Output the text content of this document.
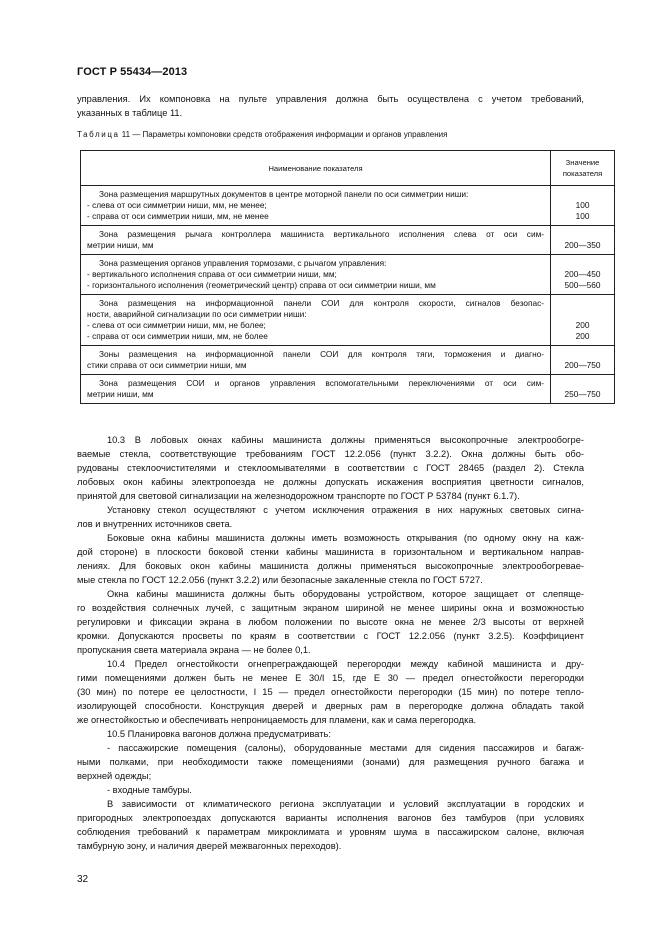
ГОСТ Р 55434—2013
управления. Их компоновка на пульте управления должна быть осуществлена с учетом требований,
указанных в таблице 11.
Таблица 11 — Параметры компоновки средств отображения информации и органов управления
Наименование показателя	Значение
показателя

Зона размещения маршрутных документов в центре моторной панели по оси симметрии ниши:
- слева от оси симметрии ниши, мм, не менее;
- справа от оси симметрии ниши, мм, не менее	100
100

Зона размещения рычага контроллера машиниста вертикального исполнения слева от оси сим-
метрии ниши, мм	200—350

Зона размещения органов управления тормозами, с рычагом управления:
- вертикального исполнения справа от оси симметрии ниши, мм;
- горизонтального исполнения (геометрический центр) справа от оси симметрии ниши, мм	200—450
500—560

Зона размещения на информационной панели СОИ для контроля скорости, сигналов безопас-
ности, аварийной сигнализации по оси симметрии ниши:
- слева от оси симметрии ниши, мм, не более;
- справа от оси симметрии ниши, мм, не более	200
200

Зоны размещения на информационной панели СОИ для контроля тяги, торможения и диагно-
стики справа от оси симметрии ниши, мм	200—750

Зона размещения СОИ и органов управления вспомогательными переключениями от оси сим-
метрии ниши, мм	250—750
10.3 В лобовых окнах кабины машиниста должны применяться высокопрочные электрообогре-
ваемые стекла, соответствующие требованиям ГОСТ 12.2.056 (пункт 3.2.2). Окна должны быть обо-
рудованы стеклоочистителями и стеклоомывателями в соответствии с ГОСТ 28465 (раздел 2). Стекла
лобовых окон кабины электропоезда не должны допускать искажения восприятия цветности сигналов,
принятой для световой сигнализации на железнодорожном транспорте по ГОСТ Р 53784 (пункт 6.1.7).
Установку стекол осуществляют с учетом исключения отражения в них наружных световых сигна-
лов и внутренних источников света.
Боковые окна кабины машиниста должны иметь возможность открывания (по одному окну на каж-
дой стороне) в плоскости боковой стенки кабины машиниста в горизонтальном и вертикальном направ-
лениях. Для боковых окон кабины машиниста должны применяться высокопрочные электрообогревае-
мые стекла по ГОСТ 12.2.056 (пункт 3.2.2) или безопасные закаленные стекла по ГОСТ 5727.
Окна кабины машиниста должны быть оборудованы устройством, которое защищает от слепяще-
го воздействия солнечных лучей, с защитным экраном шириной не менее ширины окна и возможностью
регулировки и фиксации экрана в любом положении по высоте окна не менее 2/3 высоты от верхней
кромки. Допускаются просветы по краям в соответствии с ГОСТ 12.2.056 (пункт 3.2.5). Коэффициент
пропускания света материала экрана — не более 0,1.
10.4 Предел огнестойкости огнепреграждающей перегородки между кабиной машиниста и дру-
гими помещениями должен быть не менее Е 30/I 15, где Е 30 — предел огнестойкости перегородки
(30 мин) по потере ее целостности, I 15 — предел огнестойкости перегородки (15 мин) по потере тепло-
изолирующей способности. Конструкция дверей и дверных рам в перегородке должна обладать такой
же огнестойкостью и обеспечивать непроницаемость для пламени, как и сама перегородка.
10.5 Планировка вагонов должна предусматривать:
- пассажирские помещения (салоны), оборудованные местами для сидения пассажиров и багаж-
ными полками, при необходимости также помещениями (зонами) для размещения ручного багажа и
верхней одежды;
- входные тамбуры.
В зависимости от климатического региона эксплуатации и условий эксплуатации в городских и
пригородных электропоездах допускаются варианты исполнения вагонов без тамбуров (при условиях
соблюдения требований к параметрам микроклимата и уровням шума в пассажирском салоне, включая
тамбурную зону, и наличия дверей межвагонных переходов).
32
